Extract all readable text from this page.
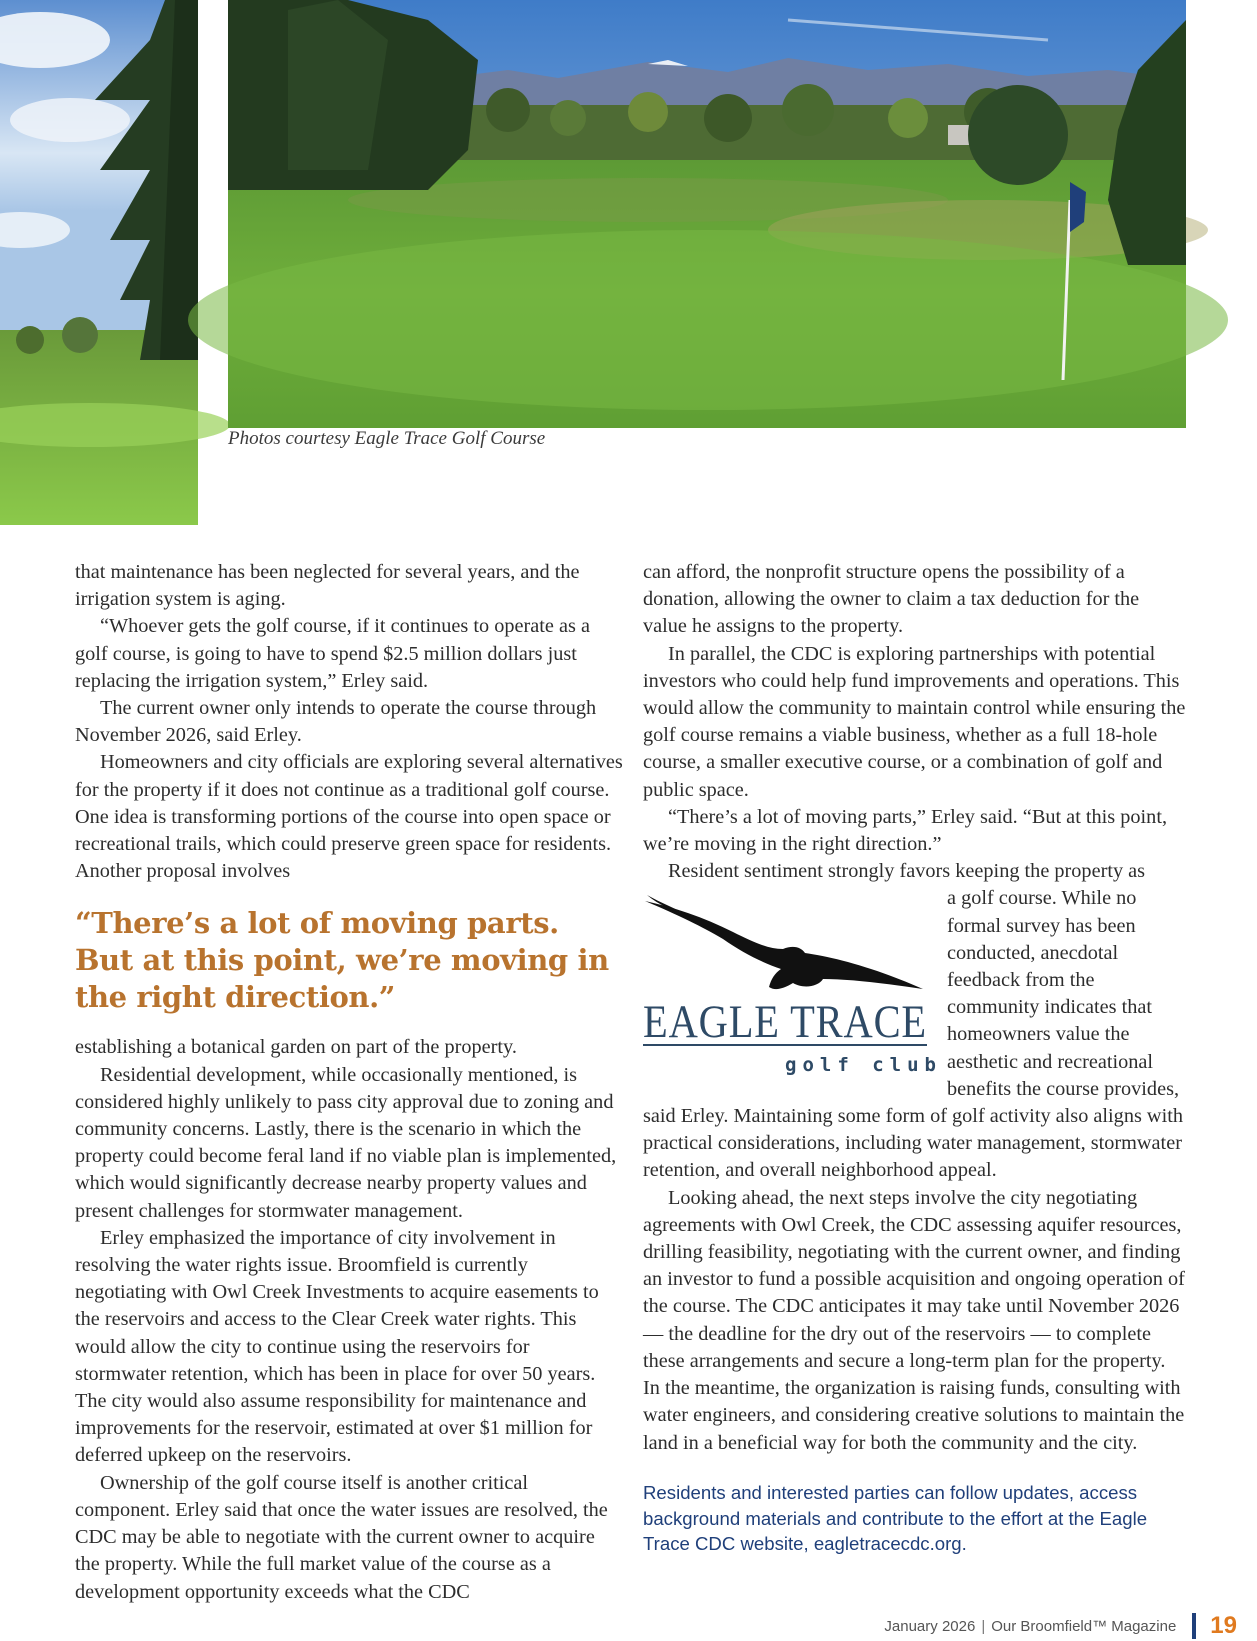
Photos courtesy Eagle Trace Golf Course

that maintenance has been neglected for several years, and the irrigation system is aging.

“Whoever gets the golf course, if it continues to operate as a golf course, is going to have to spend $2.5 million dollars just replacing the irrigation system,” Erley said.

The current owner only intends to operate the course through November 2026, said Erley.

Homeowners and city officials are exploring several alternatives for the property if it does not continue as a traditional golf course. One idea is transforming portions of the course into open space or recreational trails, which could preserve green space for residents. Another proposal involves

“There’s a lot of moving parts. But at this point, we’re moving in the right direction.”

establishing a botanical garden on part of the property.

Residential development, while occasionally mentioned, is considered highly unlikely to pass city approval due to zoning and community concerns. Lastly, there is the scenario in which the property could become feral land if no viable plan is implemented, which would significantly decrease nearby property values and present challenges for stormwater management.

Erley emphasized the importance of city involvement in resolving the water rights issue. Broomfield is currently negotiating with Owl Creek Investments to acquire easements to the reservoirs and access to the Clear Creek water rights. This would allow the city to continue using the reservoirs for stormwater retention, which has been in place for over 50 years. The city would also assume responsibility for maintenance and improvements for the reservoir, estimated at over $1 million for deferred upkeep on the reservoirs.

Ownership of the golf course itself is another critical component. Erley said that once the water issues are resolved, the CDC may be able to negotiate with the current owner to acquire the property. While the full market value of the course as a development opportunity exceeds what the CDC

can afford, the nonprofit structure opens the possibility of a donation, allowing the owner to claim a tax deduction for the value he assigns to the property.

In parallel, the CDC is exploring partnerships with potential investors who could help fund improvements and operations. This would allow the community to maintain control while ensuring the golf course remains a viable business, whether as a full 18-hole course, a smaller executive course, or a combination of golf and public space.

“There’s a lot of moving parts,” Erley said. “But at this point, we’re moving in the right direction.”

Resident sentiment strongly favors keeping the property as

EAGLE TRACE
golf club

a golf course. While no formal survey has been conducted, anecdotal feedback from the community indicates that homeowners value the aesthetic and recreational benefits the course provides, said Erley. Maintaining some form of golf activity also aligns with practical considerations, including water management, stormwater retention, and overall neighborhood appeal.

Looking ahead, the next steps involve the city negotiating agreements with Owl Creek, the CDC assessing aquifer resources, drilling feasibility, negotiating with the current owner, and finding an investor to fund a possible acquisition and ongoing operation of the course. The CDC anticipates it may take until November 2026 — the deadline for the dry out of the reservoirs — to complete these arrangements and secure a long-term plan for the property. In the meantime, the organization is raising funds, consulting with water engineers, and considering creative solutions to maintain the land in a beneficial way for both the community and the city.

Residents and interested parties can follow updates, access background materials and contribute to the effort at the Eagle Trace CDC website, eagletracecdc.org.
January 2026 | Our Broomfield™ Magazine 19
